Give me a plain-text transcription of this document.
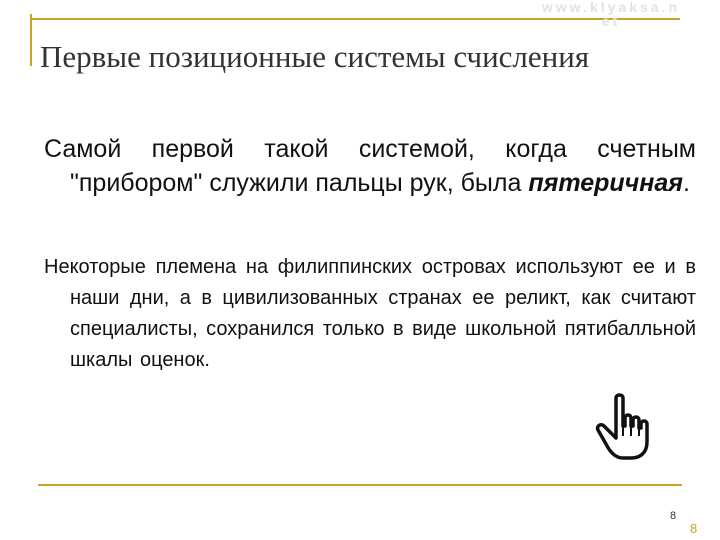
www.klyaksa.n
et
Первые позиционные системы счисления

Самой первой такой системой, когда счетным "прибором" служили пальцы рук, была пятеричная.

Некоторые племена на филиппинских островах используют ее и в наши дни, а в цивилизованных странах ее реликт, как считают специалисты, сохранился только в виде школьной пятибалльной шкалы оценок.

8
8
